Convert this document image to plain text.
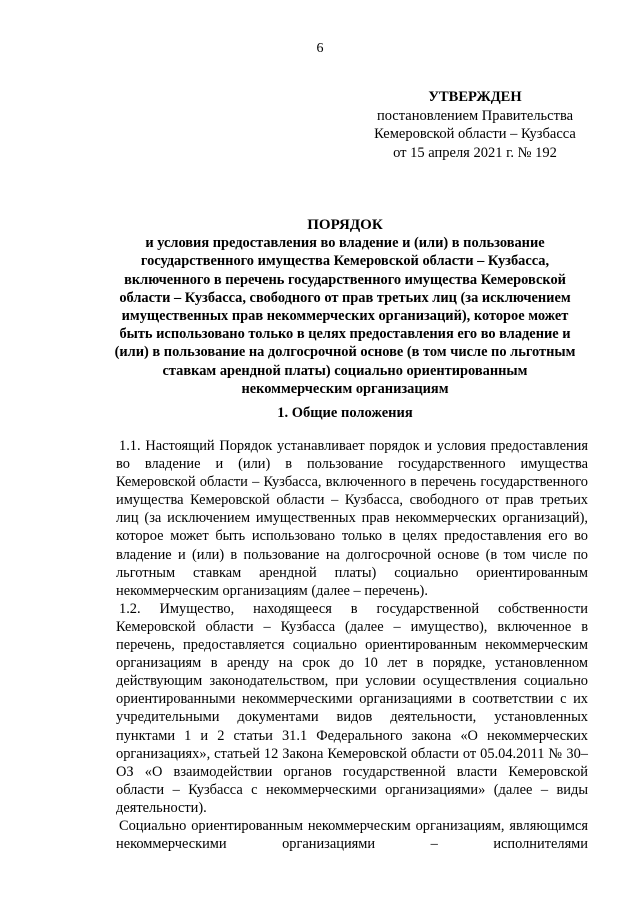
6
УТВЕРЖДЕН
постановлением Правительства
Кемеровской области – Кузбасса
от 15 апреля 2021 г. № 192
ПОРЯДОК
и условия предоставления во владение и (или) в пользование
государственного имущества Кемеровской области – Кузбасса,
включенного в перечень государственного имущества Кемеровской
области – Кузбасса, свободного от прав третьих лиц (за исключением
имущественных прав некоммерческих организаций), которое может
быть использовано только в целях предоставления его во владение и
(или) в пользование на долгосрочной основе (в том числе по льготным
ставкам арендной платы) социально ориентированным
некоммерческим организациям
1. Общие положения

1.1. Настоящий Порядок устанавливает порядок и условия предоставления во владение и (или) в пользование государственного имущества Кемеровской области – Кузбасса, включенного в перечень государственного имущества Кемеровской области – Кузбасса, свободного от прав третьих лиц (за исключением имущественных прав некоммерческих организаций), которое может быть использовано только в целях предоставления его во владение и (или) в пользование на долгосрочной основе (в том числе по льготным ставкам арендной платы) социально ориентированным некоммерческим организациям (далее – перечень).

1.2. Имущество, находящееся в государственной собственности Кемеровской области – Кузбасса (далее – имущество), включенное в перечень, предоставляется социально ориентированным некоммерческим организациям в аренду на срок до 10 лет в порядке, установленном действующим законодательством, при условии осуществления социально ориентированными некоммерческими организациями в соответствии с их учредительными документами видов деятельности, установленных пунктами 1 и 2 статьи 31.1 Федерального закона «О некоммерческих организациях», статьей 12 Закона Кемеровской области от 05.04.2011 № 30–ОЗ «О взаимодействии органов государственной власти Кемеровской области – Кузбасса с некоммерческими организациями» (далее – виды деятельности).

Социально ориентированным некоммерческим организациям, являющимся некоммерческими организациями – исполнителями
